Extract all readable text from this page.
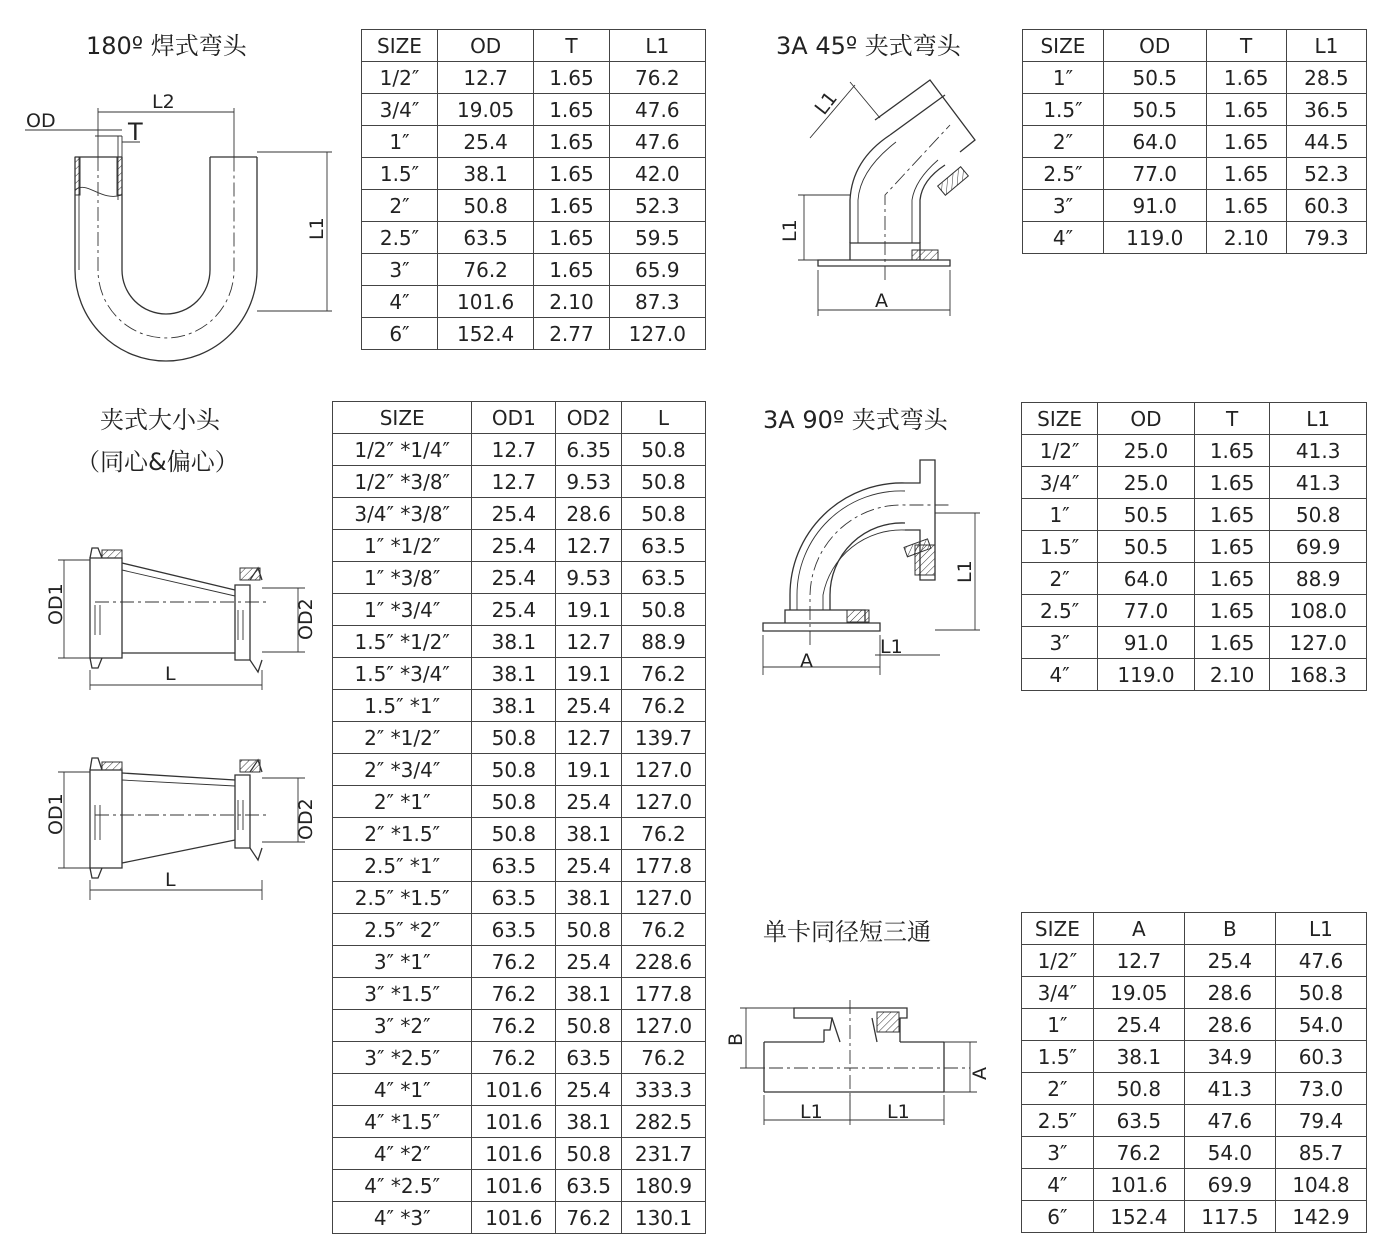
180º 焊式弯头
OD
L2
T
L1
SIZE	OD	T	L1
1/2″	12.7	1.65	76.2
3/4″	19.05	1.65	47.6
1″	25.4	1.65	47.6
1.5″	38.1	1.65	42.0
2″	50.8	1.65	52.3
2.5″	63.5	1.65	59.5
3″	76.2	1.65	65.9
4″	101.6	2.10	87.3
6″	152.4	2.77	127.0
3A 45º 夹式弯头
A
L1
L1
SIZE	OD	T	L1
1″	50.5	1.65	28.5
1.5″	50.5	1.65	36.5
2″	64.0	1.65	44.5
2.5″	77.0	1.65	52.3
3″	91.0	1.65	60.3
4″	119.0	2.10	79.3
夹式大小头
（同心&偏心）
OD1	OD2
L
OD1	OD2
L
SIZE	OD1	OD2	L
1/2″ *1/4″	12.7	6.35	50.8
1/2″ *3/8″	12.7	9.53	50.8
3/4″ *3/8″	25.4	28.6	50.8
1″ *1/2″	25.4	12.7	63.5
1″ *3/8″	25.4	9.53	63.5
1″ *3/4″	25.4	19.1	50.8
1.5″ *1/2″	38.1	12.7	88.9
1.5″ *3/4″	38.1	19.1	76.2
1.5″ *1″	38.1	25.4	76.2
2″ *1/2″	50.8	12.7	139.7
2″ *3/4″	50.8	19.1	127.0
2″ *1″	50.8	25.4	127.0
2″ *1.5″	50.8	38.1	76.2
2.5″ *1″	63.5	25.4	177.8
2.5″ *1.5″	63.5	38.1	127.0
2.5″ *2″	63.5	50.8	76.2
3″ *1″	76.2	25.4	228.6
3″ *1.5″	76.2	38.1	177.8
3″ *2″	76.2	50.8	127.0
3″ *2.5″	76.2	63.5	76.2
4″ *1″	101.6	25.4	333.3
4″ *1.5″	101.6	38.1	282.5
4″ *2″	101.6	50.8	231.7
4″ *2.5″	101.6	63.5	180.9
4″ *3″	101.6	76.2	130.1
3A 90º 夹式弯头
L1
L1
A
SIZE	OD	T	L1
1/2″	25.0	1.65	41.3
3/4″	25.0	1.65	41.3
1″	50.5	1.65	50.8
1.5″	50.5	1.65	69.9
2″	64.0	1.65	88.9
2.5″	77.0	1.65	108.0
3″	91.0	1.65	127.0
4″	119.0	2.10	168.3
单卡同径短三通
B
A
L1	L1
SIZE	A	B	L1
1/2″	12.7	25.4	47.6
3/4″	19.05	28.6	50.8
1″	25.4	28.6	54.0
1.5″	38.1	34.9	60.3
2″	50.8	41.3	73.0
2.5″	63.5	47.6	79.4
3″	76.2	54.0	85.7
4″	101.6	69.9	104.8
6″	152.4	117.5	142.9
